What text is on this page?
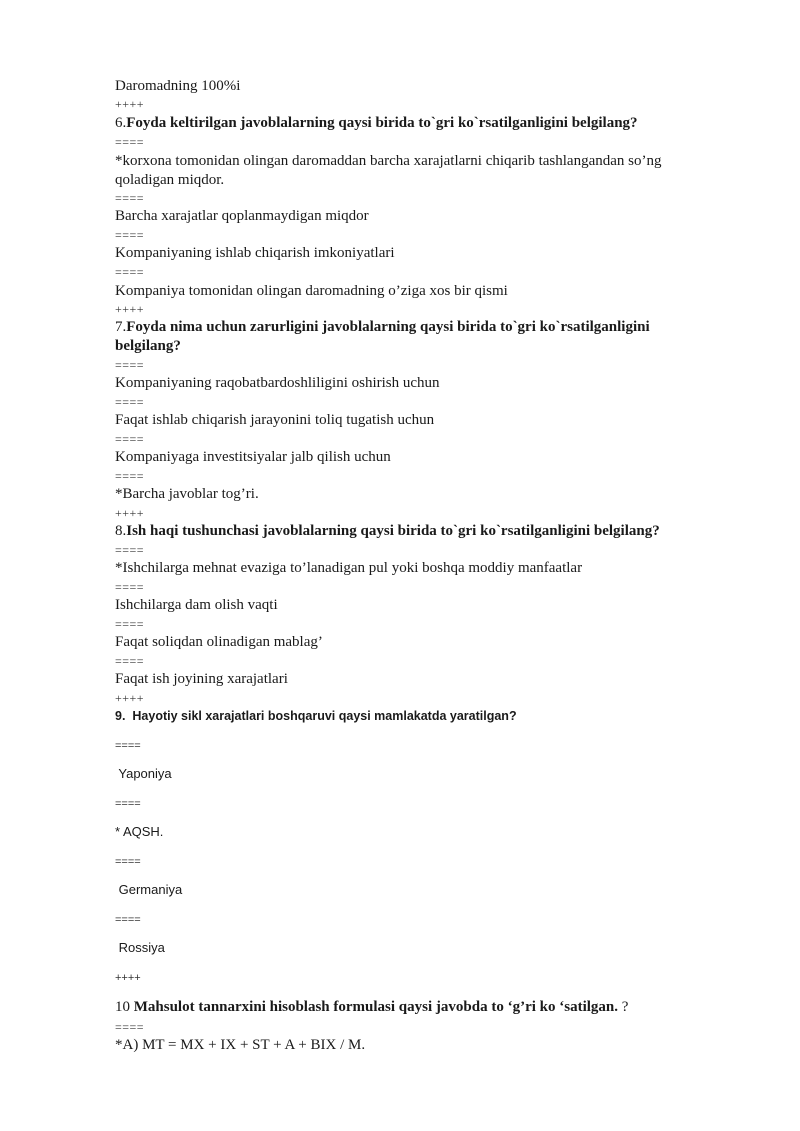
Daromadning 100%i

++++

6.Foyda keltirilgan javoblalarning qaysi birida to`gri ko`rsatilganligini belgilang?

====

*korxona tomonidan olingan daromaddan barcha xarajatlarni chiqarib tashlangandan so’ng

qoladigan miqdor.

====

Barcha xarajatlar qoplanmaydigan miqdor

====

Kompaniyaning ishlab chiqarish imkoniyatlari

====

Kompaniya tomonidan olingan daromadning o’ziga xos bir qismi

++++

7.Foyda nima uchun zarurligini javoblalarning qaysi birida to`gri ko`rsatilganligini

belgilang?

====

Kompaniyaning raqobatbardoshliligini oshirish uchun

====

Faqat ishlab chiqarish jarayonini toliq tugatish uchun

====

Kompaniyaga investitsiyalar jalb qilish uchun

====

*Barcha javoblar tog’ri.

++++

8.Ish haqi tushunchasi javoblalarning qaysi birida to`gri ko`rsatilganligini belgilang?

====

*Ishchilarga mehnat evaziga to’lanadigan pul yoki boshqa moddiy manfaatlar

====

Ishchilarga dam olish vaqti

====

Faqat soliqdan olinadigan mablag’

====

Faqat ish joyining xarajatlari

++++

9. Hayotiy sikl xarajatlari boshqaruvi qaysi mamlakatda yaratilgan?

====

Yaponiya

====

* AQSH.

====

Germaniya

====

Rossiya

++++

10 Mahsulot tannarxini hisoblash formulasi qaysi javobda to ‘g’ri ko ‘satilgan. ?

====

*A) MT = MX + IX + ST + A + BIX / M.
